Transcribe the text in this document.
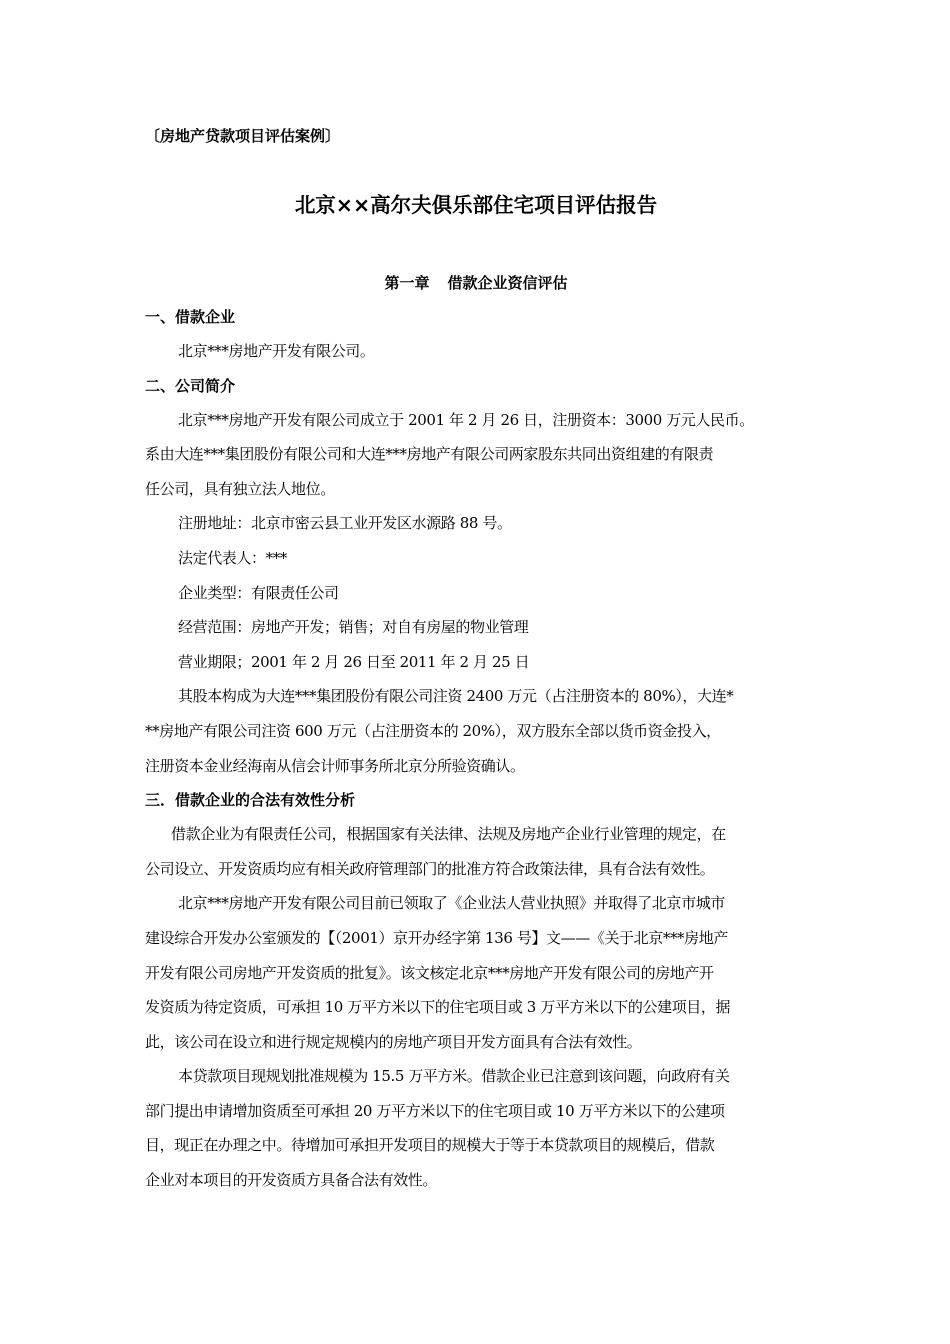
〔房地产贷款项目评估案例〕
北京××高尔夫俱乐部住宅项目评估报告
第一章 借款企业资信评估
一、借款企业

北京***房地产开发有限公司。

二、公司简介

北京***房地产开发有限公司成立于 2001 年 2 月 26 日，注册资本：3000 万元人民币。
系由大连***集团股份有限公司和大连***房地产有限公司两家股东共同出资组建的有限责
任公司，具有独立法人地位。

注册地址：北京市密云县工业开发区水源路 88 号。

法定代表人：***

企业类型：有限责任公司

经营范围：房地产开发；销售；对自有房屋的物业管理

营业期限；2001 年 2 月 26 日至 2011 年 2 月 25 日

其股本构成为大连***集团股份有限公司注资 2400 万元（占注册资本的 80%），大连*
**房地产有限公司注资 600 万元（占注册资本的 20%），双方股东全部以货币资金投入，
注册资本金业经海南从信会计师事务所北京分所验资确认。

三．借款企业的合法有效性分析

借款企业为有限责任公司，根据国家有关法律、法规及房地产企业行业管理的规定，在
公司设立、开发资质均应有相关政府管理部门的批准方符合政策法律，具有合法有效性。

北京***房地产开发有限公司目前已领取了《企业法人营业执照》并取得了北京市城市
建设综合开发办公室颁发的【（2001）京开办经字第 136 号】文——《关于北京***房地产
开发有限公司房地产开发资质的批复》。该文核定北京***房地产开发有限公司的房地产开
发资质为待定资质，可承担 10 万平方米以下的住宅项目或 3 万平方米以下的公建项目，据
此，该公司在设立和进行规定规模内的房地产项目开发方面具有合法有效性。

本贷款项目现规划批准规模为 15.5 万平方米。借款企业已注意到该问题，向政府有关
部门提出申请增加资质至可承担 20 万平方米以下的住宅项目或 10 万平方米以下的公建项
目，现正在办理之中。待增加可承担开发项目的规模大于等于本贷款项目的规模后，借款
企业对本项目的开发资质方具备合法有效性。
